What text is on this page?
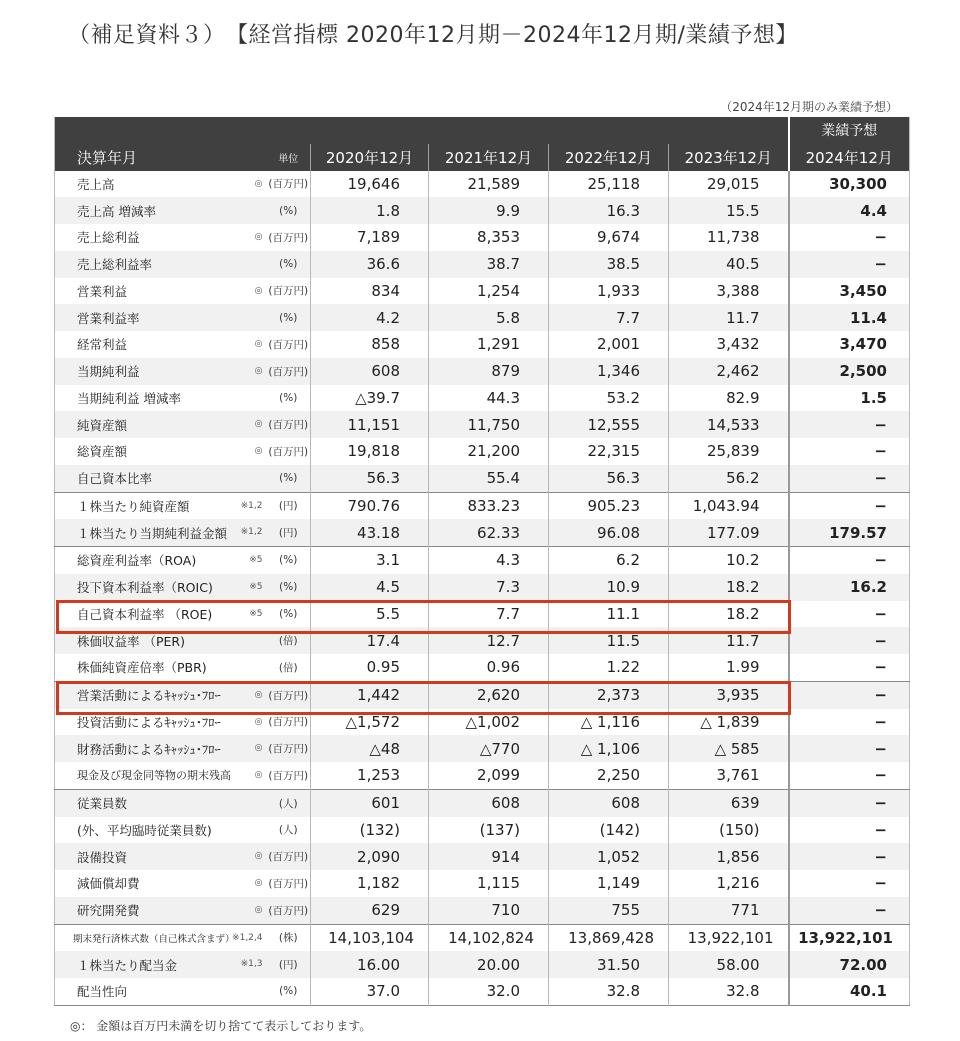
（補足資料３）　【経営指標 2020年12月期－2024年12月期/業績予想】
（2024年12月期のみ業績予想）
						業績予想
決算年月	単位	2020年12月	2021年12月	2022年12月	2023年12月	2024年12月
売上高 ◎	(百万円)	19,646	21,589	25,118	29,015	30,300
売上高 増減率	(%)	1.8	9.9	16.3	15.5	4.4
売上総利益 ◎	(百万円)	7,189	8,353	9,674	11,738	−
売上総利益率	(%)	36.6	38.7	38.5	40.5	−
営業利益 ◎	(百万円)	834	1,254	1,933	3,388	3,450
営業利益率	(%)	4.2	5.8	7.7	11.7	11.4
経常利益 ◎	(百万円)	858	1,291	2,001	3,432	3,470
当期純利益 ◎	(百万円)	608	879	1,346	2,462	2,500
当期純利益 増減率	(%)	△39.7	44.3	53.2	82.9	1.5
純資産額 ◎	(百万円)	11,151	11,750	12,555	14,533	−
総資産額 ◎	(百万円)	19,818	21,200	22,315	25,839	−
自己資本比率	(%)	56.3	55.4	56.3	56.2	−
１株当たり純資産額 ※1,2	(円)	790.76	833.23	905.23	1,043.94	−
１株当たり当期純利益金額 ※1,2	(円)	43.18	62.33	96.08	177.09	179.57
総資産利益率（ROA) ※5	(%)	3.1	4.3	6.2	10.2	−
投下資本利益率（ROIC) ※5	(%)	4.5	7.3	10.9	18.2	16.2
自己資本利益率 （ROE) ※5	(%)	5.5	7.7	11.1	18.2	−
株価収益率 （PER)	(倍)	17.4	12.7	11.5	11.7	−
株価純資産倍率（PBR)	(倍)	0.95	0.96	1.22	1.99	−
営業活動によるｷｬｯｼｭ･ﾌﾛｰ ◎	(百万円)	1,442	2,620	2,373	3,935	−
投資活動によるｷｬｯｼｭ･ﾌﾛｰ ◎	(百万円)	△1,572	△1,002	△ 1,116	△ 1,839	−
財務活動によるｷｬｯｼｭ･ﾌﾛｰ ◎	(百万円)	△48	△770	△ 1,106	△ 585	−
現金及び現金同等物の期末残高 ◎	(百万円)	1,253	2,099	2,250	3,761	−
従業員数	(人)	601	608	608	639	−
(外、平均臨時従業員数)	(人)	(132)	(137)	(142)	(150)	−
設備投資 ◎	(百万円)	2,090	914	1,052	1,856	−
減価償却費 ◎	(百万円)	1,182	1,115	1,149	1,216	−
研究開発費 ◎	(百万円)	629	710	755	771	−
期末発行済株式数（自己株式含まず）
※1,2,4	(株)	14,103,104	14,102,824	13,869,428	13,922,101	13,922,101
１株当たり配当金 ※1,3	(円)	16.00	20.00	31.50	58.00	72.00
配当性向	(%)	37.0	32.0	32.8	32.8	40.1
◎： 金額は百万円未満を切り捨てて表示しております。
